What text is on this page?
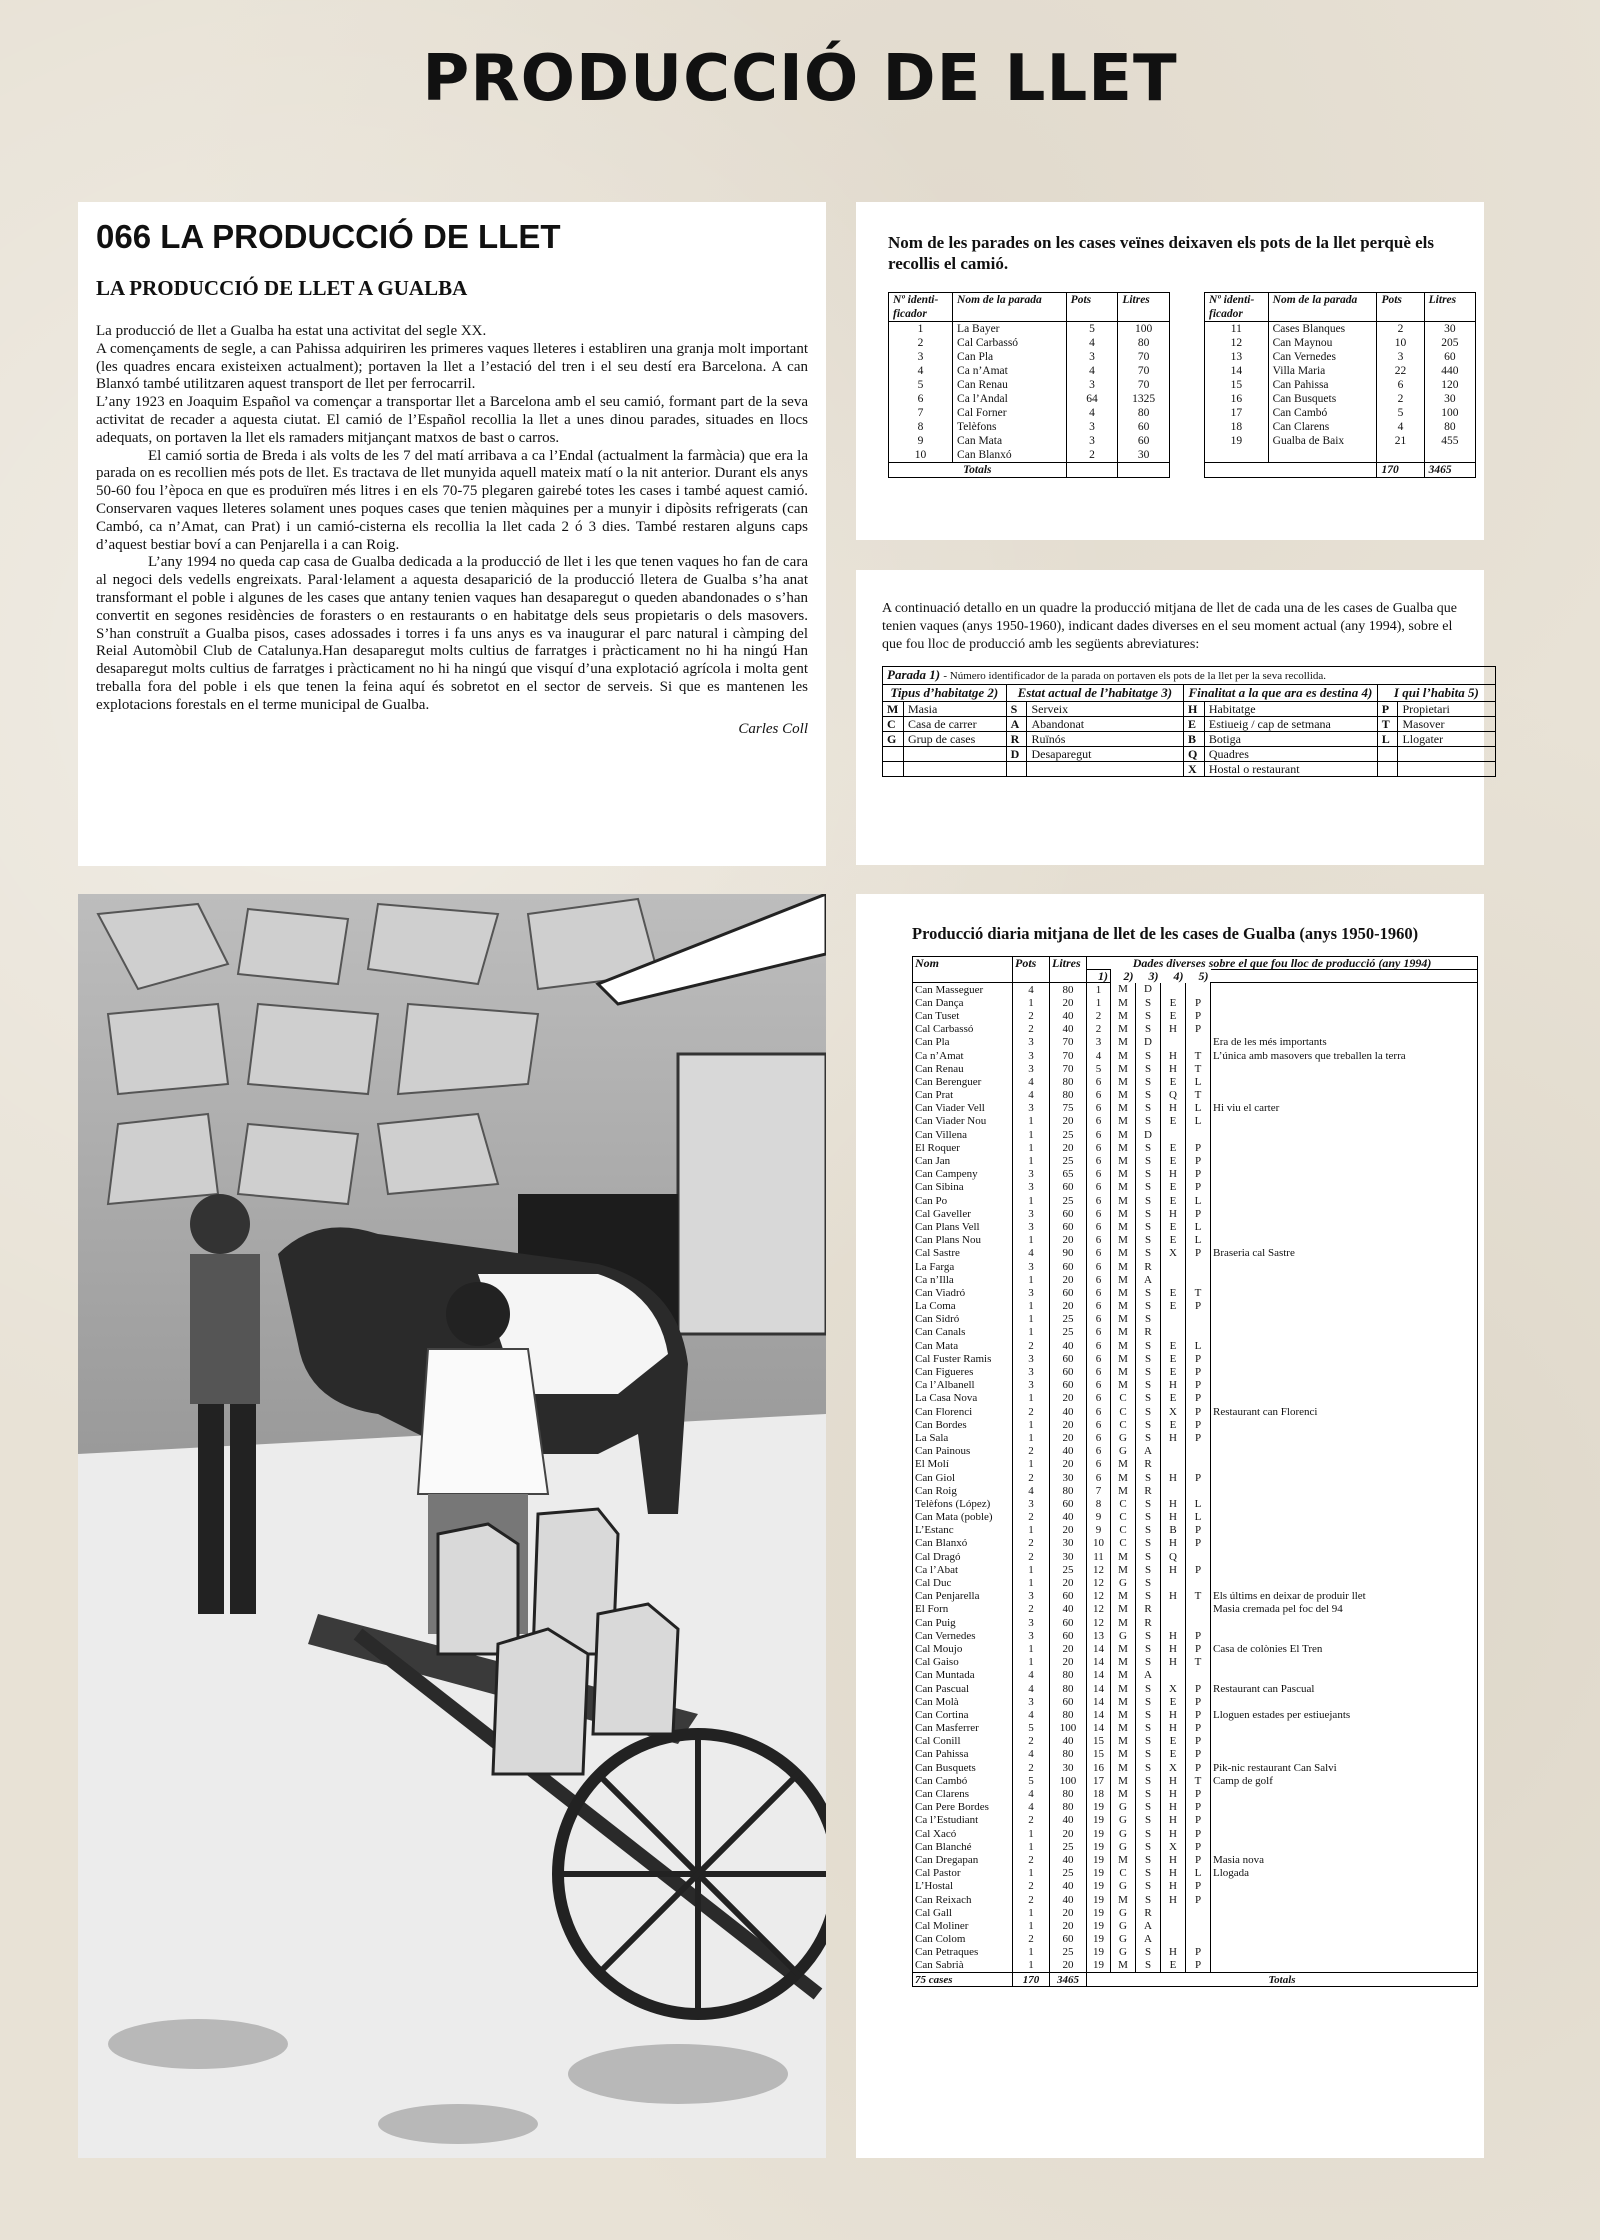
PRODUCCIÓ DE LLET
066 LA PRODUCCIÓ DE LLET
LA PRODUCCIÓ DE LLET A GUALBA

La producció de llet a Gualba ha estat una activitat del segle XX.

A començaments de segle, a can Pahissa adquiriren les primeres vaques lleteres i establiren una granja molt important (les quadres encara existeixen actualment); portaven la llet a l’estació del tren i el seu destí era Barcelona. A can Blanxó també utilitzaren aquest transport de llet per ferrocarril.

L’any 1923 en Joaquim Español va començar a transportar llet a Barcelona amb el seu camió, formant part de la seva activitat de recader a aquesta ciutat. El camió de l’Español recollia la llet a unes dinou parades, situades en llocs adequats, on portaven la llet els ramaders mitjançant matxos de bast o carros.

El camió sortia de Breda i als volts de les 7 del matí arribava a ca l’Endal (actualment la farmàcia) que era la parada on es recollien més pots de llet. Es tractava de llet munyida aquell mateix matí o la nit anterior. Durant els anys 50-60 fou l’època en que es produïren més litres i en els 70-75 plegaren gairebé totes les cases i també aquest camió. Conservaren vaques lleteres solament unes poques cases que tenien màquines per a munyir i dipòsits refrigerats (can Cambó, ca n’Amat, can Prat) i un camió-cisterna els recollia la llet cada 2 ó 3 dies. També restaren alguns caps d’aquest bestiar boví a can Penjarella i a can Roig.

L’any 1994 no queda cap casa de Gualba dedicada a la producció de llet i les que tenen vaques ho fan de cara al negoci dels vedells engreixats. Paral·lelament a aquesta desaparició de la producció lletera de Gualba s’ha anat transformant el poble i algunes de les cases que antany tenien vaques han desaparegut o queden abandonades o s’han convertit en segones residències de forasters o en restaurants o en habitatge dels seus propietaris o dels masovers. S’han construït a Gualba pisos, cases adossades i torres i fa uns anys es va inaugurar el parc natural i càmping del Reial Automòbil Club de Catalunya.Han desaparegut molts cultius de farratges i pràcticament no hi ha ningú Han desaparegut molts cultius de farratges i pràcticament no hi ha ningú que visquí d’una explotació agrícola i molta gent treballa fora del poble i els que tenen la feina aquí és sobretot en el sector de serveis. Si que es mantenen les explotacions forestals en el terme municipal de Gualba.

Carles Coll
Nom de les parades on les cases veïnes deixaven els pots de la llet perquè els recollis el camió.
Nº identi-ficador	Nom de la parada	Pots	Litres
1	La Bayer	5	100
2	Cal Carbassó	4	80
3	Can Pla	3	70
4	Ca n’Amat	4	70
5	Can Renau	3	70
6	Ca l’Andal	64	1325
7	Cal Forner	4	80
8	Telèfons	3	60
9	Can Mata	3	60
10	Can Blanxó	2	30
Totals			
Nº identi-ficador	Nom de la parada	Pots	Litres
11	Cases Blanques	2	30
12	Can Maynou	10	205
13	Can Vernedes	3	60
14	Villa Maria	22	440
15	Can Pahissa	6	120
16	Can Busquets	2	30
17	Can Cambó	5	100
18	Can Clarens	4	80
19	Gualba de Baix	21	455

		170	3465
A continuació detallo en un quadre la producció mitjana de llet de cada una de les cases de Gualba que tenien vaques (anys 1950-1960), indicant dades diverses en el seu moment actual (any 1994), sobre el que fou lloc de producció amb les següents abreviatures:
Parada 1) - Número identificador de la parada on portaven els pots de la llet per la seva recollida.							
Tipus d’habitatge 2)		Estat actual de l’habitatge 3)		Finalitat a la que ara es destina 4)		I qui l’habita 5)	
M	Masia	S	Serveix	H	Habitatge	P	Propietari
C	Casa de carrer	A	Abandonat	E	Estiueig / cap de setmana	T	Masover
G	Grup de cases	R	Ruïnós	B	Botiga	L	Llogater
		D	Desaparegut	Q	Quadres		
				X	Hostal o restaurant		
Producció diaria mitjana de llet de les cases de Gualba (anys 1950-1960)
Nom	Pots	Litres	Dades diverses sobre el que fou lloc de producció (any 1994)					
			1)	2)	3)	4)	5)	
Can Masseguer	4	80	1	M	D			
Can Dança	1	20	1	M	S	E	P	
Can Tuset	2	40	2	M	S	E	P	
Cal Carbassó	2	40	2	M	S	H	P	
Can Pla	3	70	3	M	D			Era de les més importants
Ca n’Amat	3	70	4	M	S	H	T	L’única amb masovers que treballen la terra
Can Renau	3	70	5	M	S	H	T	
Can Berenguer	4	80	6	M	S	E	L	
Can Prat	4	80	6	M	S	Q	T	
Can Viader Vell	3	75	6	M	S	H	L	Hi viu el carter
Can Viader Nou	1	20	6	M	S	E	L	
Can Villena	1	25	6	M	D			
El Roquer	1	20	6	M	S	E	P	
Can Jan	1	25	6	M	S	E	P	
Can Campeny	3	65	6	M	S	H	P	
Can Sibina	3	60	6	M	S	E	P	
Can Po	1	25	6	M	S	E	L	
Cal Gaveller	3	60	6	M	S	H	P	
Can Plans Vell	3	60	6	M	S	E	L	
Can Plans Nou	1	20	6	M	S	E	L	
Cal Sastre	4	90	6	M	S	X	P	Braseria cal Sastre
La Farga	3	60	6	M	R			
Ca n’Illa	1	20	6	M	A			
Can Viadró	3	60	6	M	S	E	T	
La Coma	1	20	6	M	S	E	P	
Can Sidró	1	25	6	M	S			
Can Canals	1	25	6	M	R			
Can Mata	2	40	6	M	S	E	L	
Cal Fuster Ramis	3	60	6	M	S	E	P	
Can Figueres	3	60	6	M	S	E	P	
Ca l’Albanell	3	60	6	M	S	H	P	
La Casa Nova	1	20	6	C	S	E	P	
Can Florenci	2	40	6	C	S	X	P	Restaurant can Florenci
Can Bordes	1	20	6	C	S	E	P	
La Sala	1	20	6	G	S	H	P	
Can Painous	2	40	6	G	A			
El Molí	1	20	6	M	R			
Can Giol	2	30	6	M	S	H	P	
Can Roig	4	80	7	M	R			
Telèfons (López)	3	60	8	C	S	H	L	
Can Mata (poble)	2	40	9	C	S	H	L	
L’Estanc	1	20	9	C	S	B	P	
Can Blanxó	2	30	10	C	S	H	P	
Cal Dragó	2	30	11	M	S	Q		
Ca l’Abat	1	25	12	M	S	H	P	
Cal Duc	1	20	12	G	S			
Can Penjarella	3	60	12	M	S	H	T	Els últims en deixar de produir llet
El Forn	2	40	12	M	R			Masia cremada pel foc del 94
Can Puig	3	60	12	M	R			
Can Vernedes	3	60	13	G	S	H	P	
Cal Moujo	1	20	14	M	S	H	P	Casa de colònies El Tren
Cal Gaiso	1	20	14	M	S	H	T	
Can Muntada	4	80	14	M	A			
Can Pascual	4	80	14	M	S	X	P	Restaurant can Pascual
Can Molà	3	60	14	M	S	E	P	
Can Cortina	4	80	14	M	S	H	P	Lloguen estades per estiuejants
Can Masferrer	5	100	14	M	S	H	P	
Cal Conill	2	40	15	M	S	E	P	
Can Pahissa	4	80	15	M	S	E	P	
Can Busquets	2	30	16	M	S	X	P	Pik-nic restaurant Can Salvi
Can Cambó	5	100	17	M	S	H	T	Camp de golf
Can Clarens	4	80	18	M	S	H	P	
Can Pere Bordes	4	80	19	G	S	H	P	
Ca l’Estudiant	2	40	19	G	S	H	P	
Cal Xacó	1	20	19	G	S	H	P	
Can Blanché	1	25	19	G	S	X	P	
Can Dregapan	2	40	19	M	S	H	P	Masia nova
Cal Pastor	1	25	19	C	S	H	L	Llogada
L’Hostal	2	40	19	G	S	H	P	
Can Reixach	2	40	19	M	S	H	P	
Cal Gall	1	20	19	G	R			
Cal Moliner	1	20	19	G	A			
Can Colom	2	60	19	G	A			
Can Petraques	1	25	19	G	S	H	P	
Can Sabrià	1	20	19	M	S	E	P	
75 cases	170	3465	Totals					
